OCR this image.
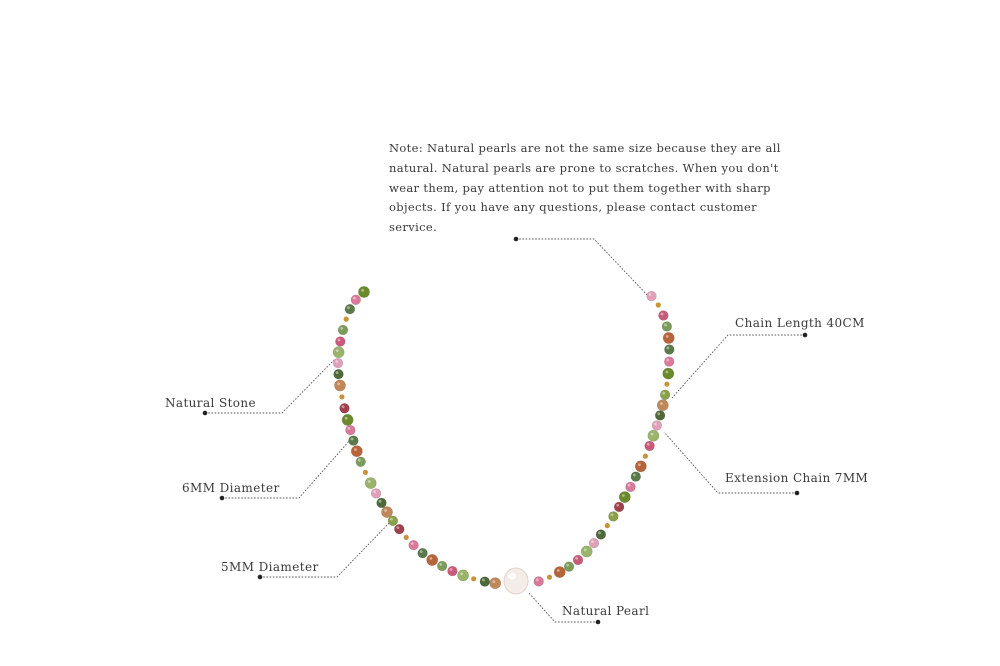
Note: Natural pearls are not the same size because they are all natural. Natural pearls are prone to scratches. When you don't wear them, pay attention not to put them together with sharp objects. If you have any questions, please contact customer service.

Natural Stone
6MM Diameter
5MM Diameter
Chain Length 40CM
Extension Chain 7MM
Natural Pearl
